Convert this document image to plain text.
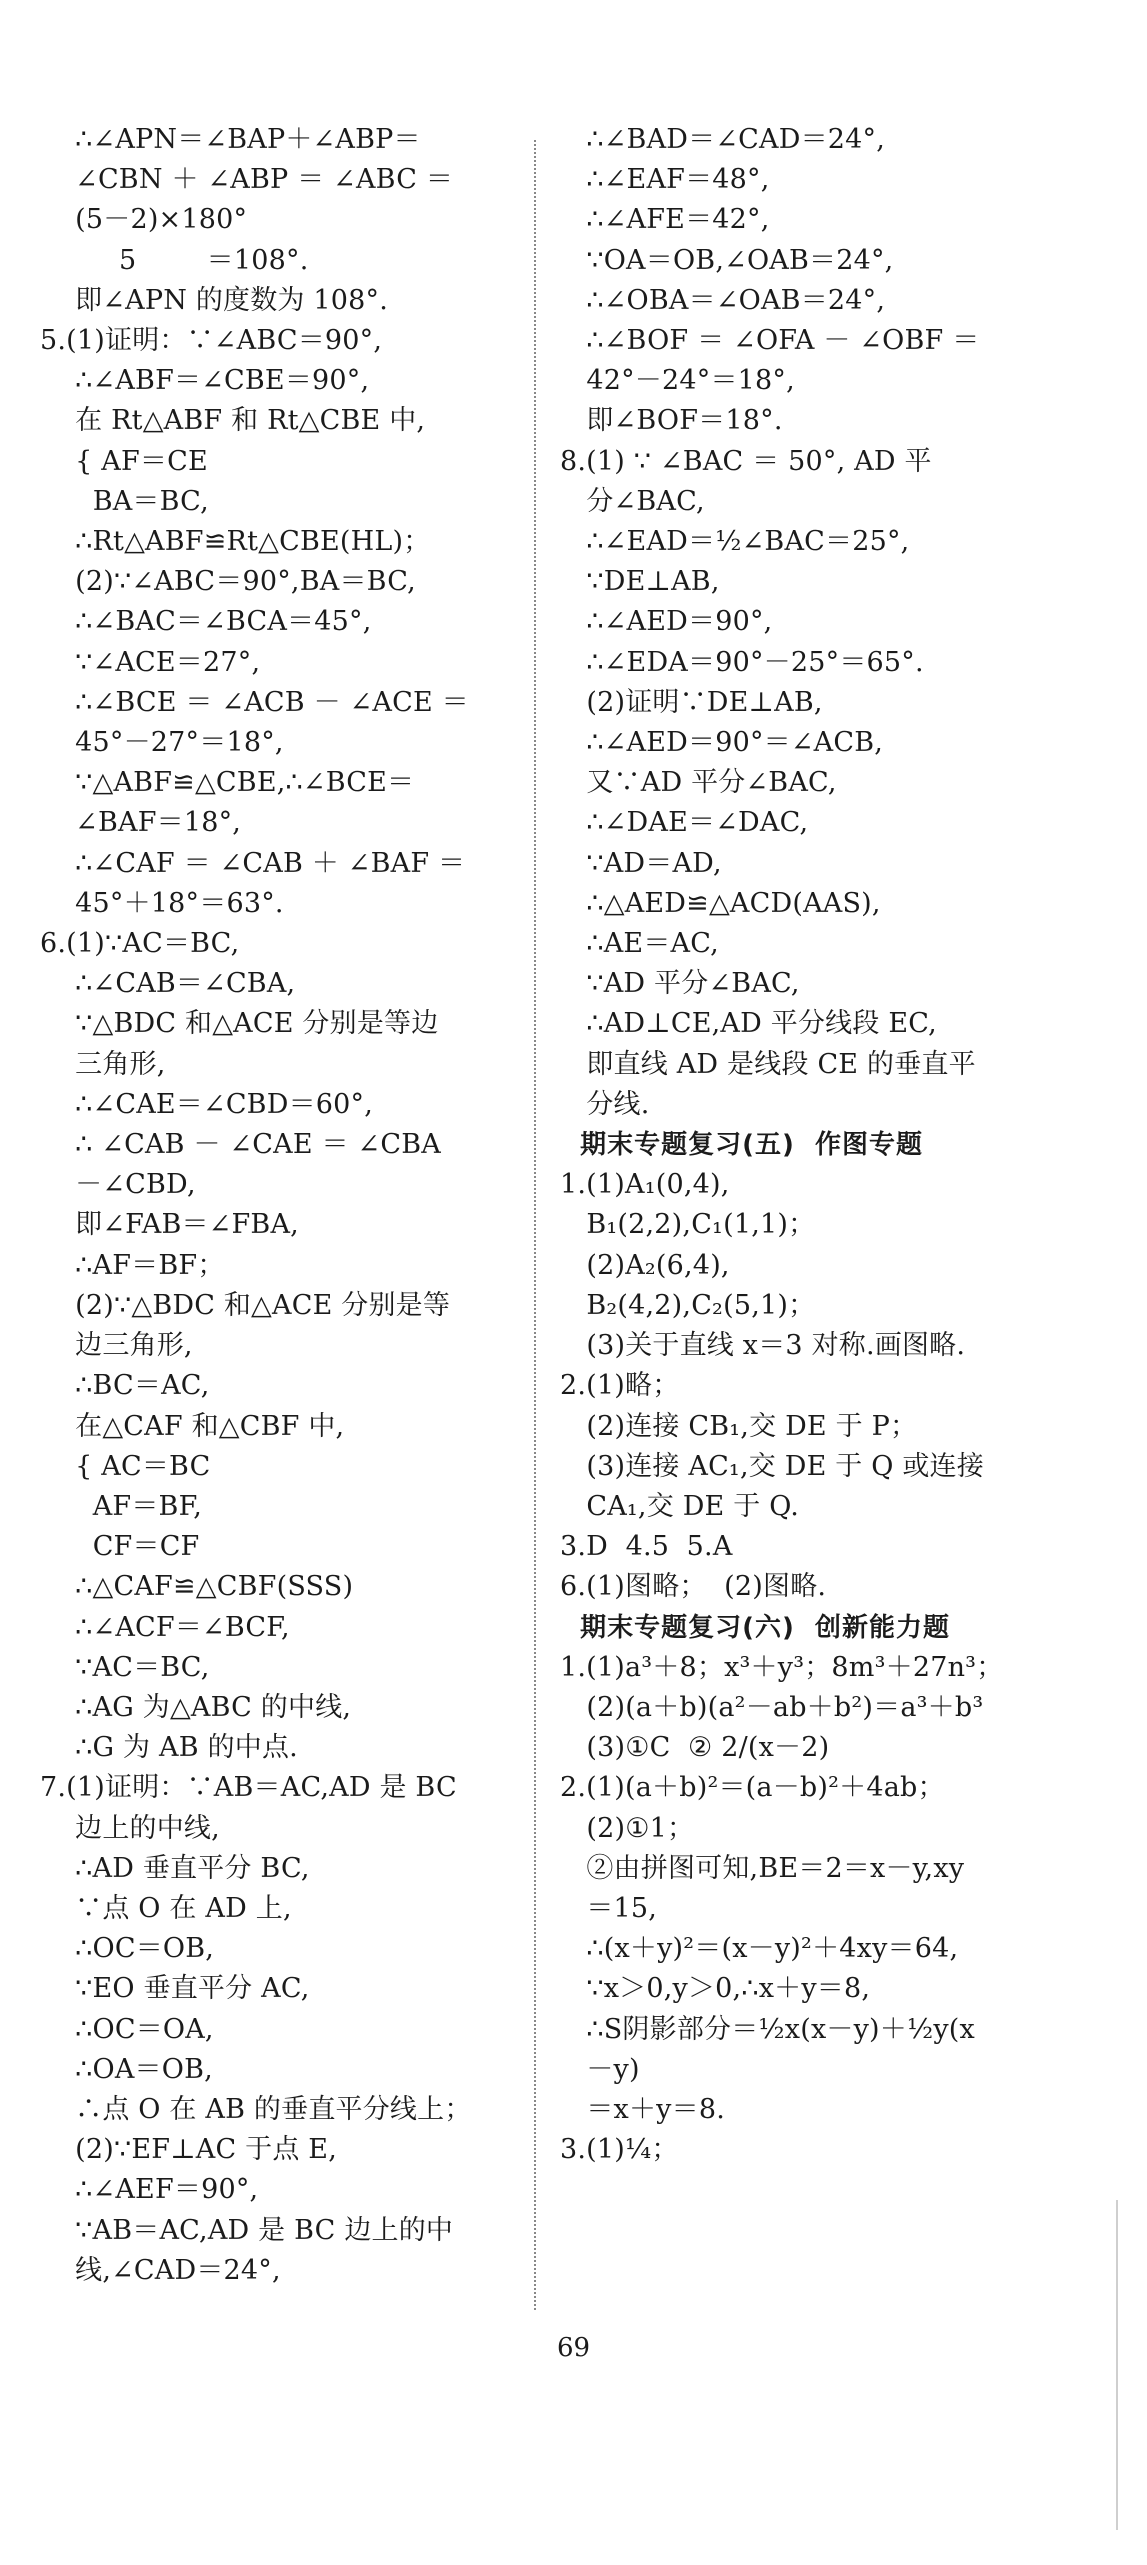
∴∠APN＝∠BAP＋∠ABP＝
∠CBN ＋ ∠ABP ＝ ∠ABC ＝
(5－2)×180°
5        ＝108°.
即∠APN 的度数为 108°.
5.(1)证明：∵∠ABC＝90°,
∴∠ABF＝∠CBE＝90°,
在 Rt△ABF 和 Rt△CBE 中,
{ AF＝CE
BA＝BC,
∴Rt△ABF≌Rt△CBE(HL)；
(2)∵∠ABC＝90°,BA＝BC,
∴∠BAC＝∠BCA＝45°,
∵∠ACE＝27°,
∴∠BCE ＝ ∠ACB － ∠ACE ＝
45°－27°＝18°,
∵△ABF≌△CBE,∴∠BCE＝
∠BAF＝18°,
∴∠CAF ＝ ∠CAB ＋ ∠BAF ＝
45°＋18°＝63°.
6.(1)∵AC＝BC,
∴∠CAB＝∠CBA,
∵△BDC 和△ACE 分别是等边
三角形,
∴∠CAE＝∠CBD＝60°,
∴ ∠CAB － ∠CAE ＝ ∠CBA
－∠CBD,
即∠FAB＝∠FBA,
∴AF＝BF；
(2)∵△BDC 和△ACE 分别是等
边三角形,
∴BC＝AC,
在△CAF 和△CBF 中,
{ AC＝BC
AF＝BF,
CF＝CF
∴△CAF≌△CBF(SSS)
∴∠ACF＝∠BCF,
∵AC＝BC,
∴AG 为△ABC 的中线,
∴G 为 AB 的中点.
7.(1)证明：∵AB＝AC,AD 是 BC
边上的中线,
∴AD 垂直平分 BC,
∵点 O 在 AD 上,
∴OC＝OB,
∵EO 垂直平分 AC,
∴OC＝OA,
∴OA＝OB,
∴点 O 在 AB 的垂直平分线上；
(2)∵EF⊥AC 于点 E,
∴∠AEF＝90°,
∵AB＝AC,AD 是 BC 边上的中
线,∠CAD＝24°,
∴∠BAD＝∠CAD＝24°,
∴∠EAF＝48°,
∴∠AFE＝42°,
∵OA＝OB,∠OAB＝24°,
∴∠OBA＝∠OAB＝24°,
∴∠BOF ＝ ∠OFA － ∠OBF ＝
42°－24°＝18°,
即∠BOF＝18°.
8.(1) ∵ ∠BAC ＝ 50°, AD 平
分∠BAC,
∴∠EAD＝½∠BAC＝25°,
∵DE⊥AB,
∴∠AED＝90°,
∴∠EDA＝90°－25°＝65°.
(2)证明∵DE⊥AB,
∴∠AED＝90°＝∠ACB,
又∵AD 平分∠BAC,
∴∠DAE＝∠DAC,
∵AD＝AD,
∴△AED≌△ACD(AAS),
∴AE＝AC,
∵AD 平分∠BAC,
∴AD⊥CE,AD 平分线段 EC,
即直线 AD 是线段 CE 的垂直平
分线.
期末专题复习(五)  作图专题
1.(1)A₁(0,4),
B₁(2,2),C₁(1,1)；
(2)A₂(6,4),
B₂(4,2),C₂(5,1)；
(3)关于直线 x＝3 对称.画图略.
2.(1)略；
(2)连接 CB₁,交 DE 于 P；
(3)连接 AC₁,交 DE 于 Q 或连接
CA₁,交 DE 于 Q.
3.D  4.5  5.A
6.(1)图略；  (2)图略.
期末专题复习(六)  创新能力题
1.(1)a³＋8；x³＋y³；8m³＋27n³；
(2)(a＋b)(a²－ab＋b²)＝a³＋b³
(3)①C  ② 2/(x－2)
2.(1)(a＋b)²＝(a－b)²＋4ab；
(2)①1；
②由拼图可知,BE＝2＝x－y,xy
＝15,
∴(x＋y)²＝(x－y)²＋4xy＝64,
∵x＞0,y＞0,∴x＋y＝8,
∴S阴影部分＝½x(x－y)＋½y(x
－y)
＝x＋y＝8.
3.(1)¼；
69
